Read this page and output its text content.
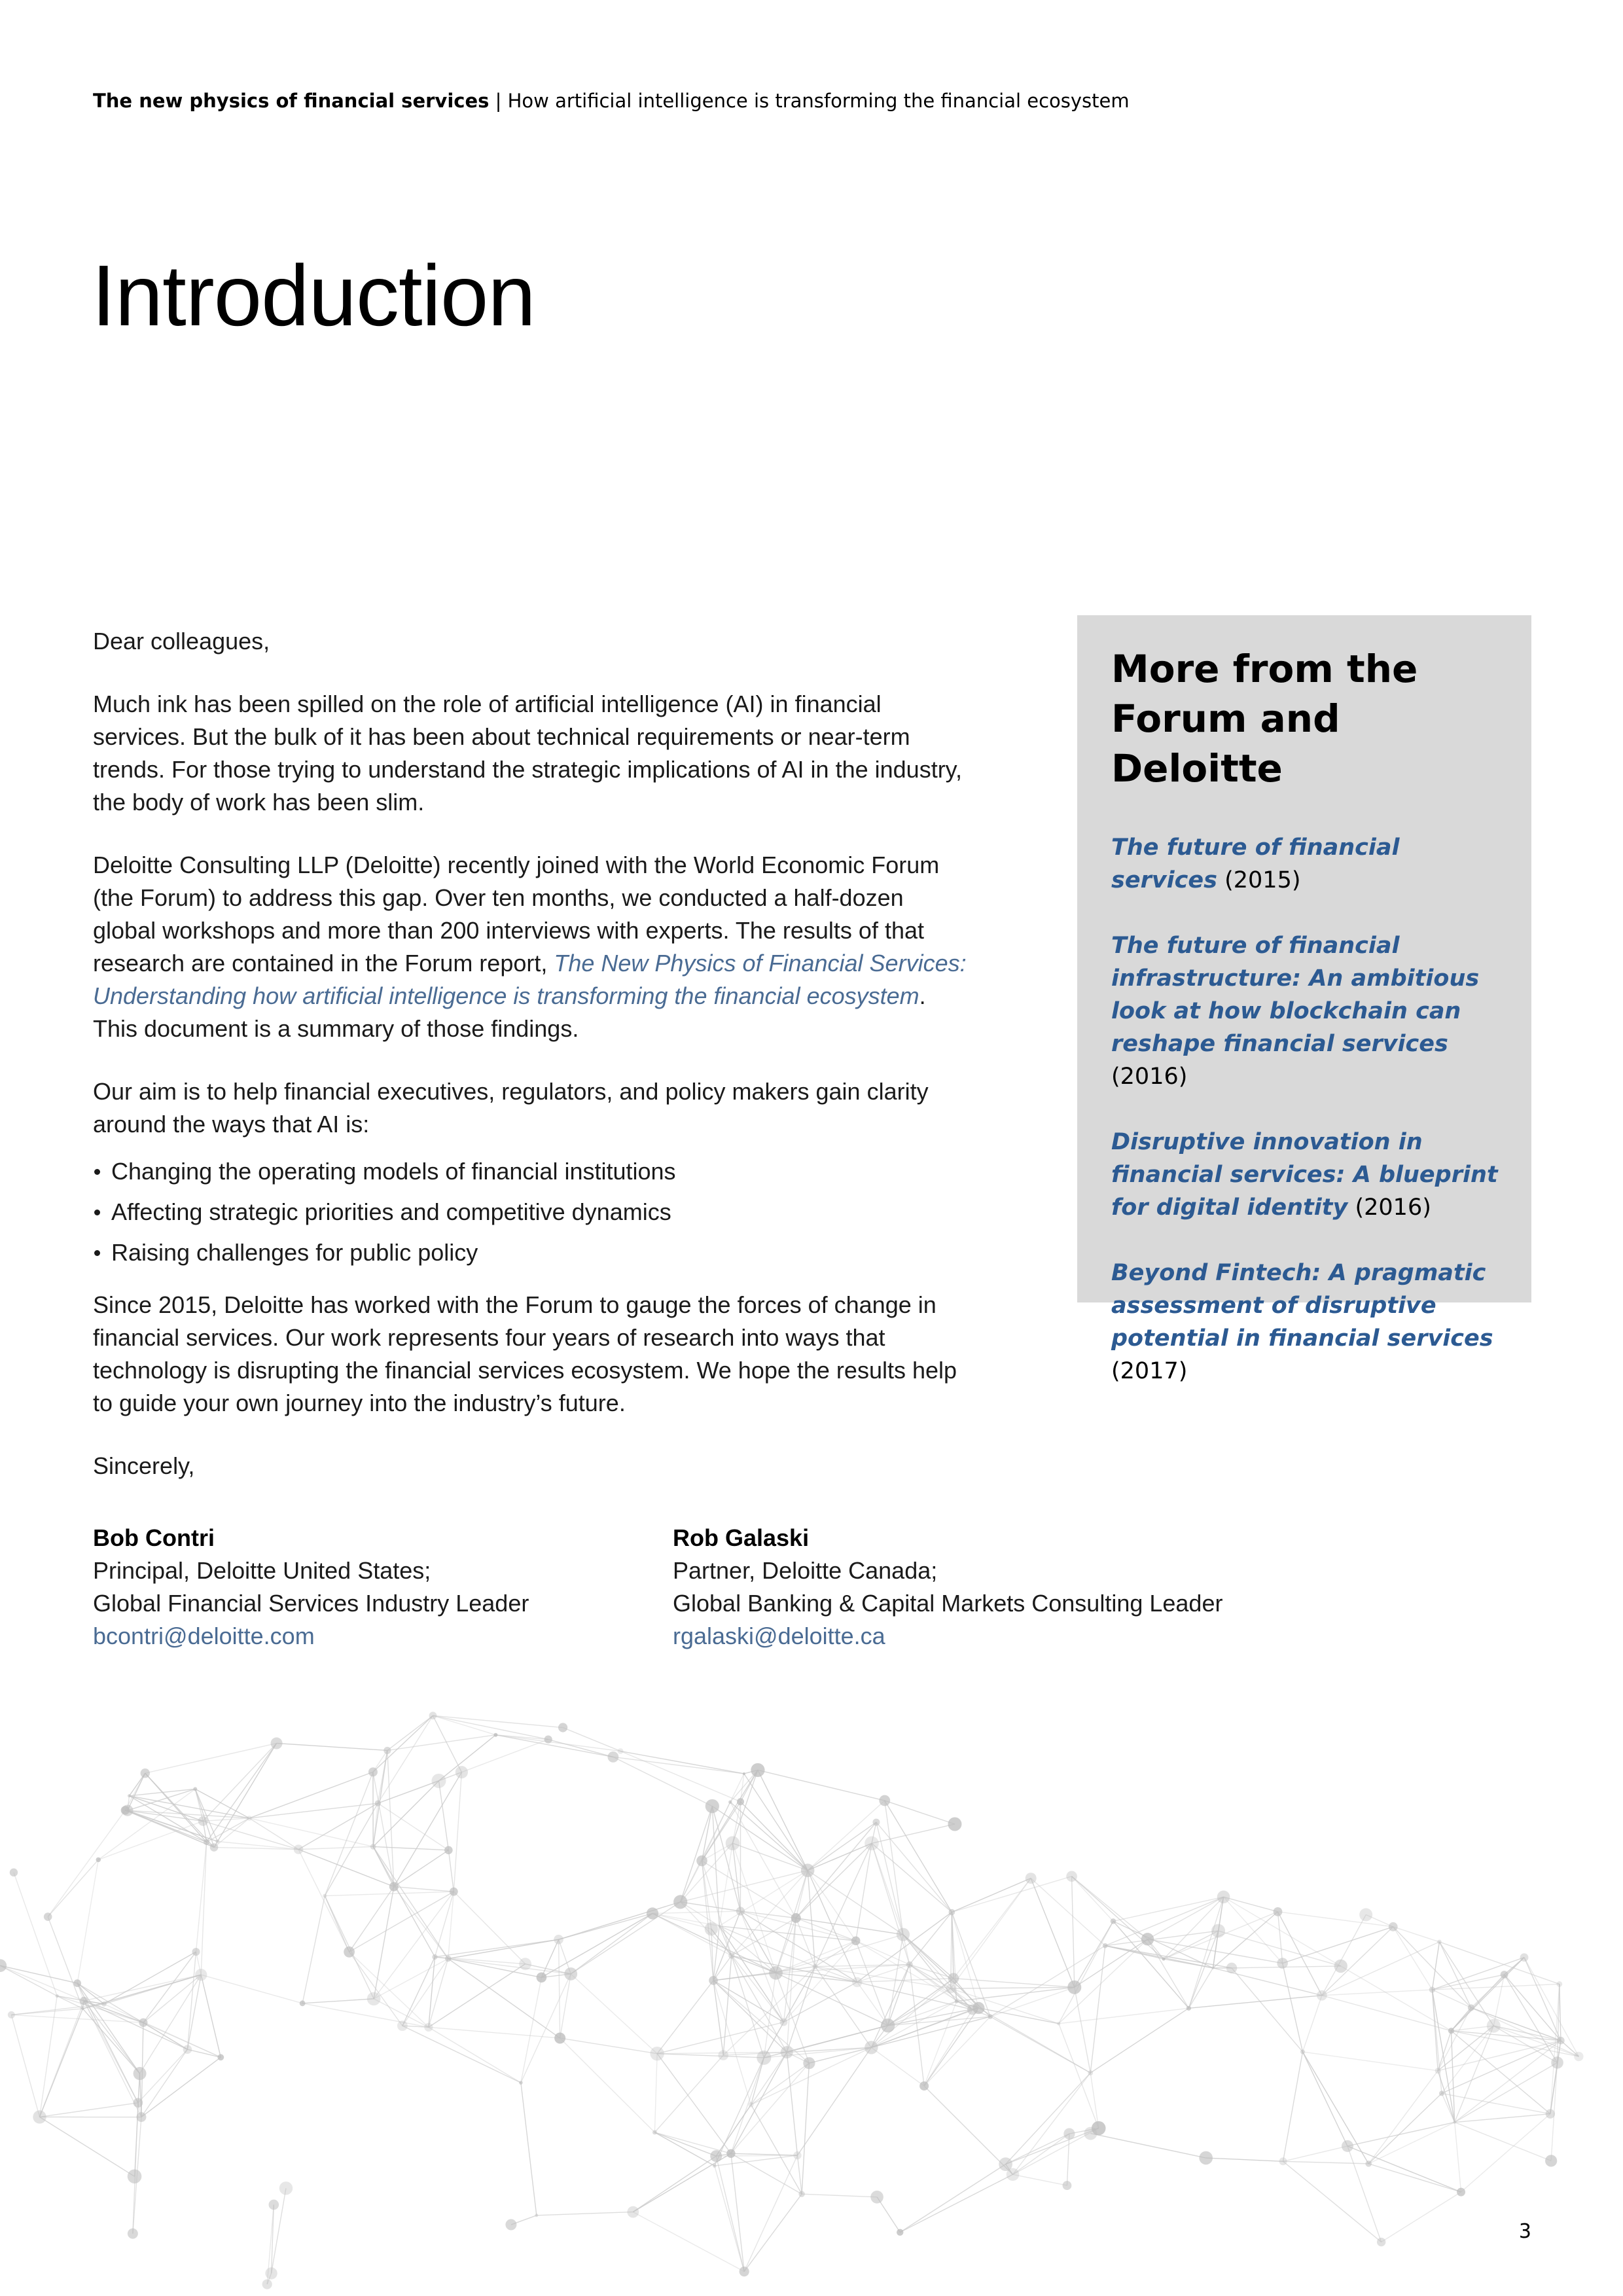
The new physics of financial services | How artificial intelligence is transforming the financial ecosystem
Introduction

Dear colleagues,

Much ink has been spilled on the role of artificial intelligence (AI) in financial services. But the bulk of it has been about technical requirements or near-term trends. For those trying to understand the strategic implications of AI in the industry, the body of work has been slim.

Deloitte Consulting LLP (Deloitte) recently joined with the World Economic Forum (the Forum) to address this gap. Over ten months, we conducted a half-dozen global workshops and more than 200 interviews with experts. The results of that research are contained in the Forum report, The New Physics of Financial Services: Understanding how artificial intelligence is transforming the financial ecosystem. This document is a summary of those findings.

Our aim is to help financial executives, regulators, and policy makers gain clarity around the ways that AI is:

Changing the operating models of financial institutions
Affecting strategic priorities and competitive dynamics
Raising challenges for public policy

Since 2015, Deloitte has worked with the Forum to gauge the forces of change in financial services. Our work represents four years of research into ways that technology is disrupting the financial services ecosystem. We hope the results help to guide your own journey into the industry’s future.

Sincerely,

Bob Contri
Principal, Deloitte United States;
Global Financial Services Industry Leader
bcontri@deloitte.com
Rob Galaski
Partner, Deloitte Canada;
Global Banking & Capital Markets Consulting Leader
rgalaski@deloitte.ca
More from the Forum and Deloitte
The future of financial services (2015)
The future of financial infrastructure: An ambitious look at how blockchain can reshape financial services (2016)
Disruptive innovation in financial services: A blueprint for digital identity (2016)
Beyond Fintech: A pragmatic assessment of disruptive potential in financial services (2017)
3
